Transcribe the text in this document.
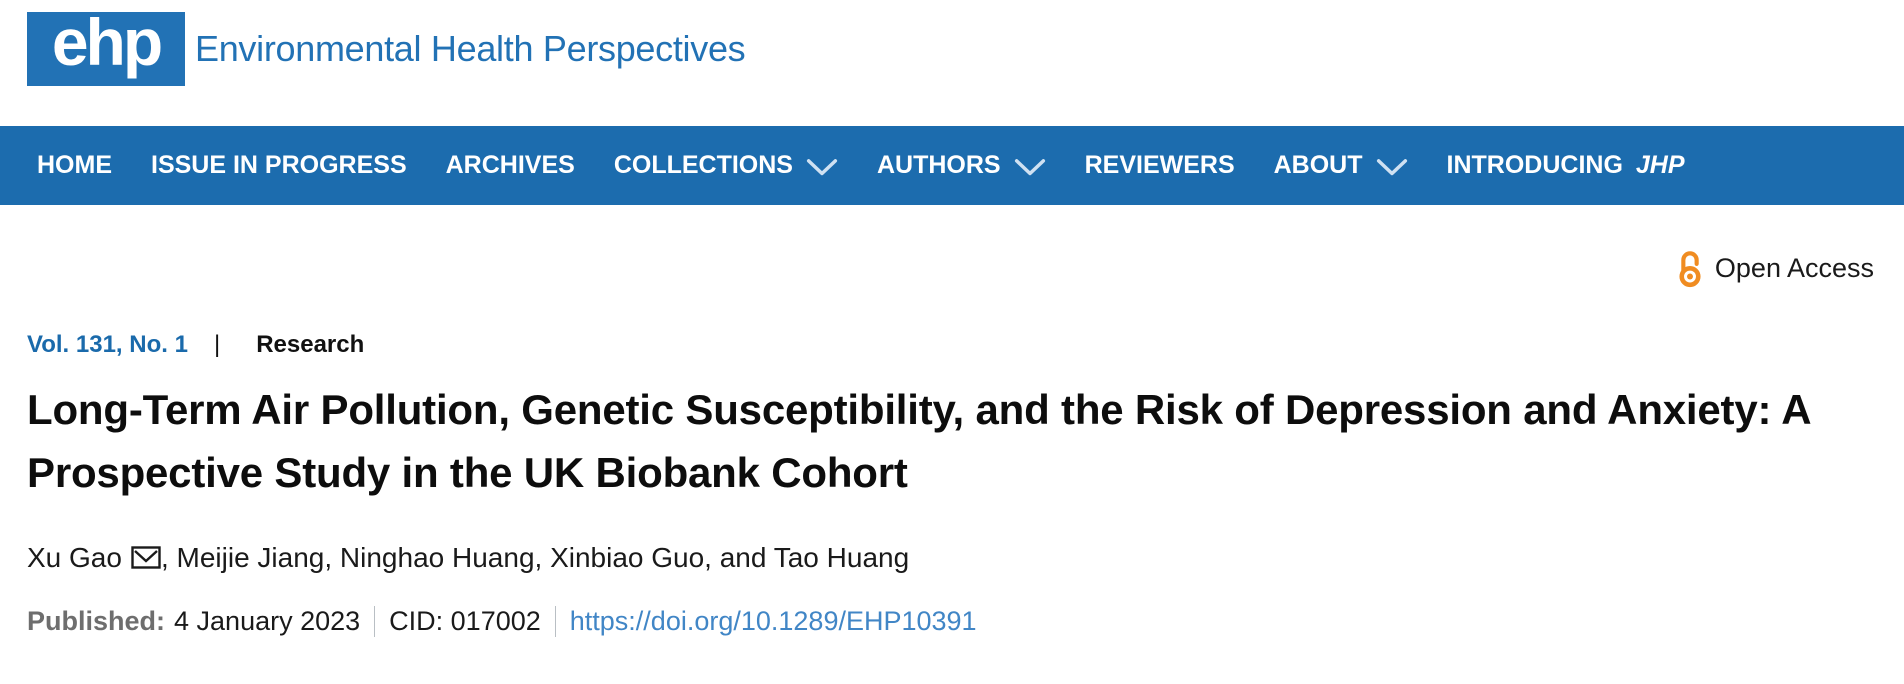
ehp Environmental Health Perspectives
HOME ISSUE IN PROGRESS ARCHIVES COLLECTIONS	AUTHORS	REVIEWERS ABOUT	INTRODUCING JHP
Open Access
Vol. 131, No. 1 | Research
Long-Term Air Pollution, Genetic Susceptibility, and the Risk of Depression and Anxiety: A Prospective Study in the UK Biobank Cohort

Xu Gao , Meijie Jiang, Ninghao Huang, Xinbiao Guo, and Tao Huang

Published: 4 January 2023 CID: 017002 https://doi.org/10.1289/EHP10391
